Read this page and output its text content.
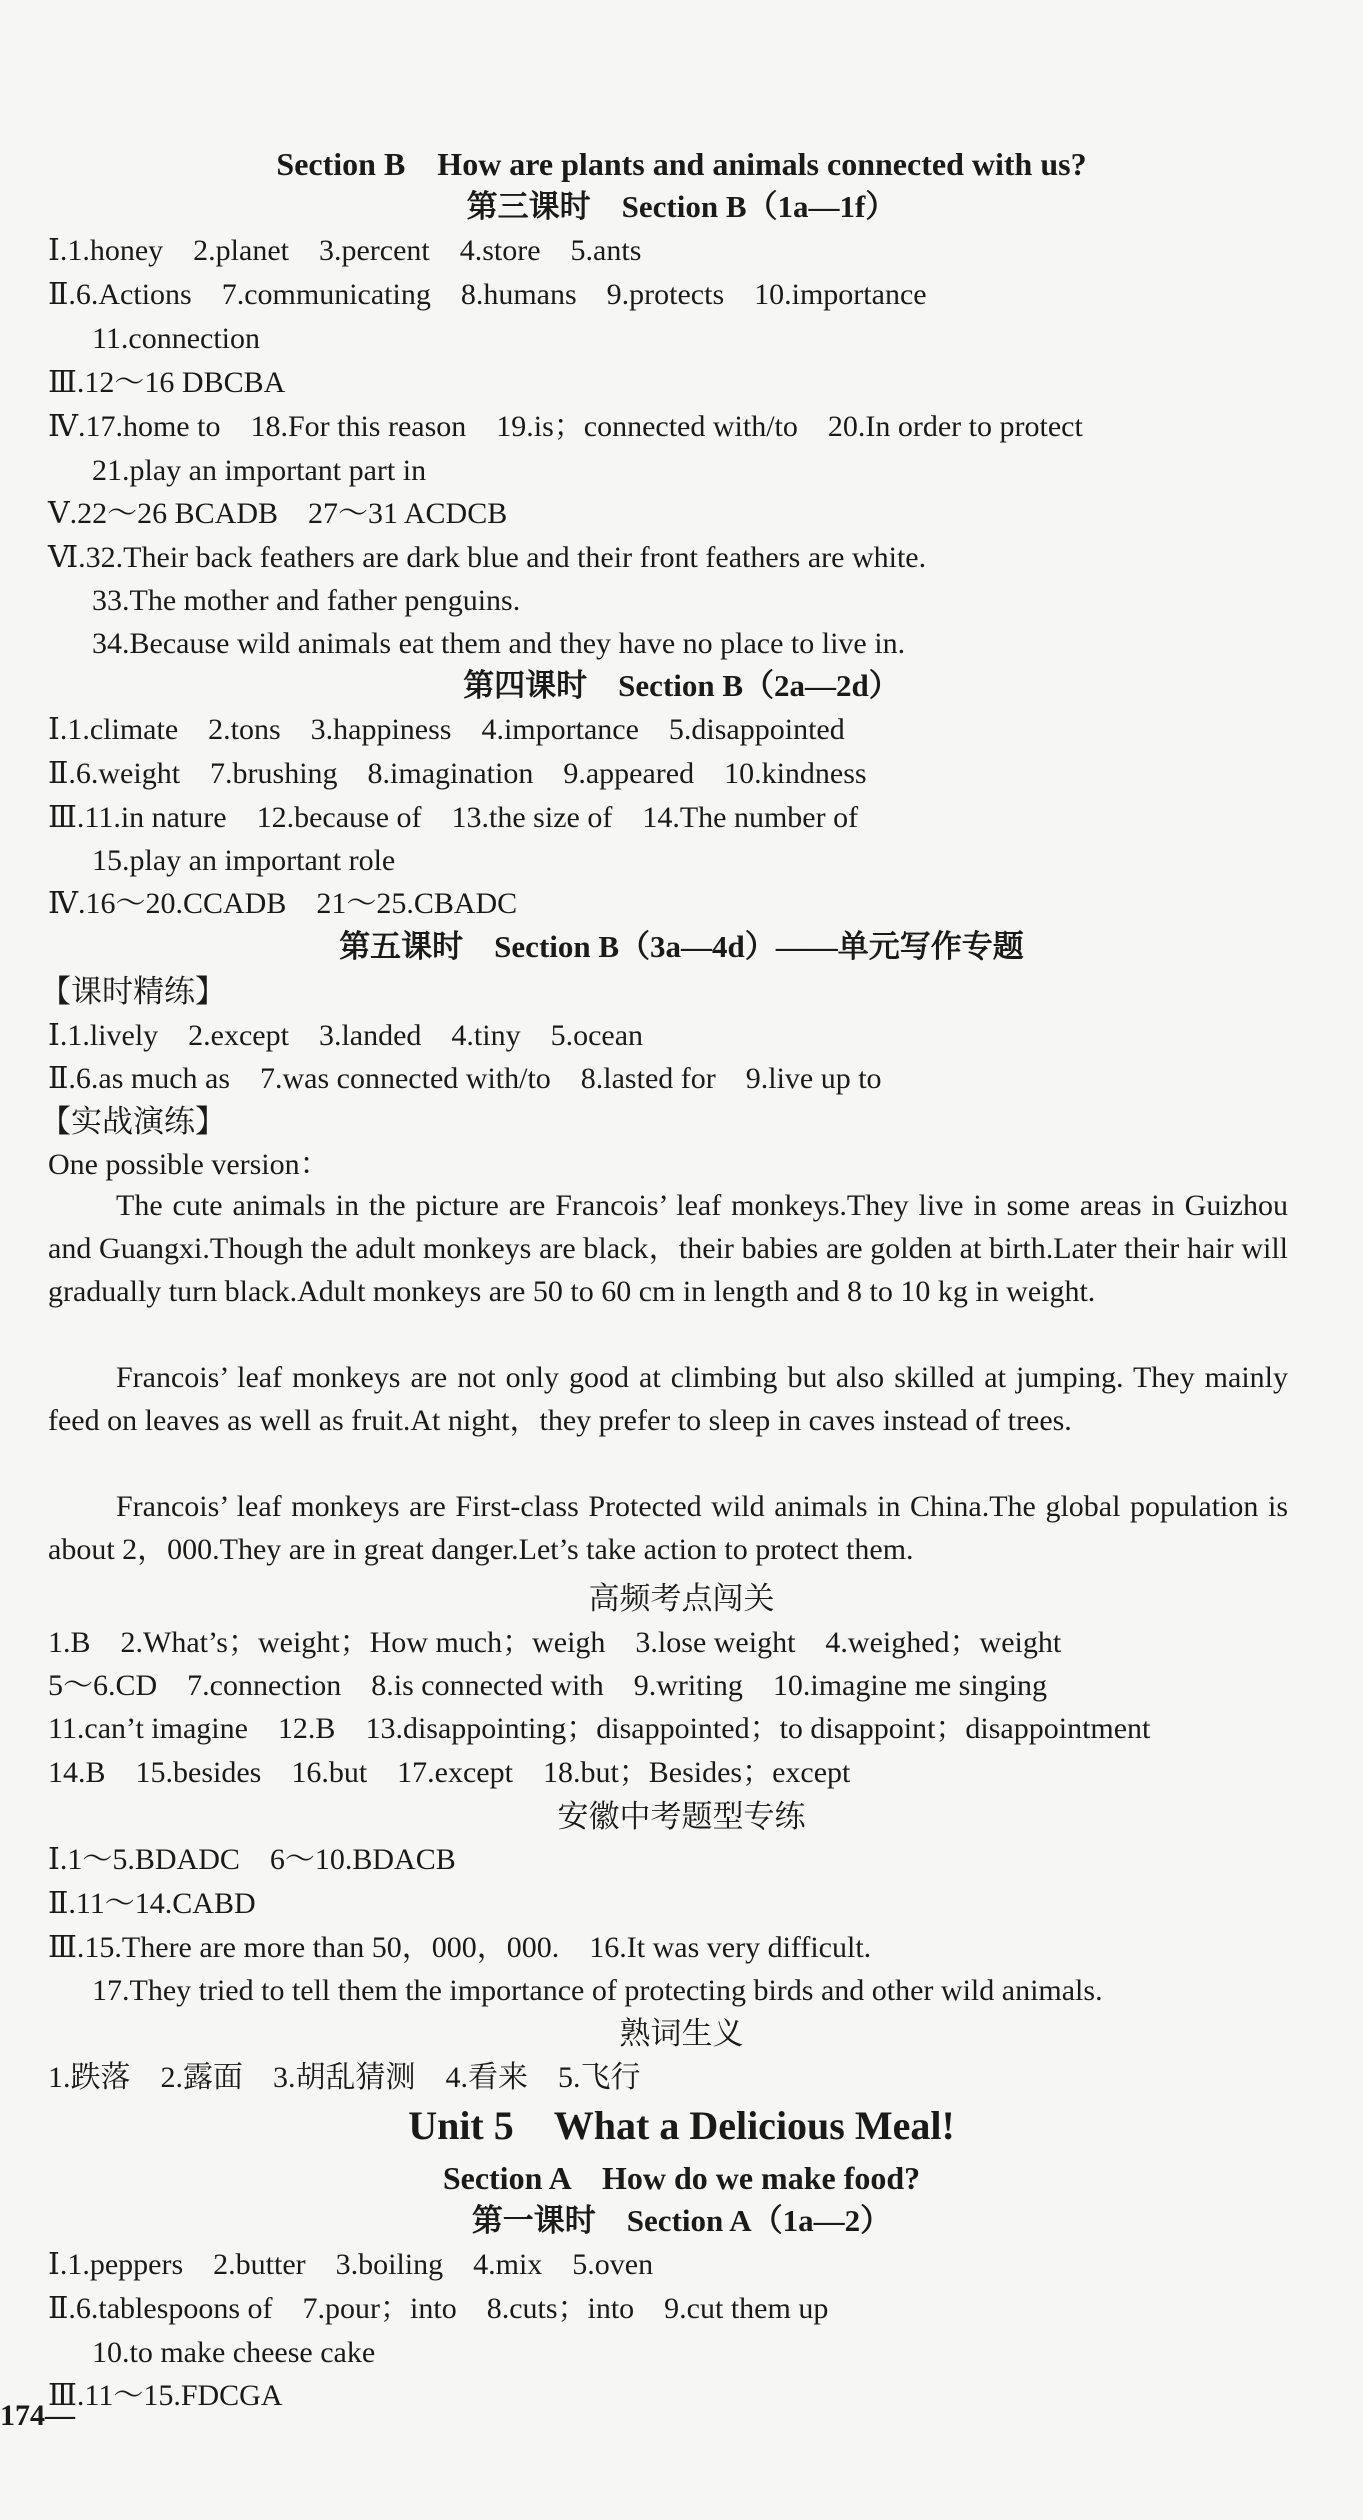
Section B　How are plants and animals connected with us?
第三课时　Section B（1a—1f）
Ⅰ.1.honey　2.planet　3.percent　4.store　5.ants
Ⅱ.6.Actions　7.communicating　8.humans　9.protects　10.importance
11.connection
Ⅲ.12～16 DBCBA
Ⅳ.17.home to　18.For this reason　19.is；connected with/to　20.In order to protect
21.play an important part in
Ⅴ.22～26 BCADB　27～31 ACDCB
Ⅵ.32.Their back feathers are dark blue and their front feathers are white.
33.The mother and father penguins.
34.Because wild animals eat them and they have no place to live in.
第四课时　Section B（2a—2d）
Ⅰ.1.climate　2.tons　3.happiness　4.importance　5.disappointed
Ⅱ.6.weight　7.brushing　8.imagination　9.appeared　10.kindness
Ⅲ.11.in nature　12.because of　13.the size of　14.The number of
15.play an important role
Ⅳ.16～20.CCADB　21～25.CBADC
第五课时　Section B（3a—4d）——单元写作专题
【课时精练】
Ⅰ.1.lively　2.except　3.landed　4.tiny　5.ocean
Ⅱ.6.as much as　7.was connected with/to　8.lasted for　9.live up to
【实战演练】
One possible version：
The cute animals in the picture are Francois’ leaf monkeys.They live in some areas in Guizhou and Guangxi.Though the adult monkeys are black，their babies are golden at birth.Later their hair will gradually turn black.Adult monkeys are 50 to 60 cm in length and 8 to 10 kg in weight.
Francois’ leaf monkeys are not only good at climbing but also skilled at jumping. They mainly feed on leaves as well as fruit.At night，they prefer to sleep in caves instead of trees.
Francois’ leaf monkeys are First-class Protected wild animals in China.The global population is about 2，000.They are in great danger.Let’s take action to protect them.
高频考点闯关
1.B　2.What’s；weight；How much；weigh　3.lose weight　4.weighed；weight
5～6.CD　7.connection　8.is connected with　9.writing　10.imagine me singing
11.can’t imagine　12.B　13.disappointing；disappointed；to disappoint；disappointment
14.B　15.besides　16.but　17.except　18.but；Besides；except
安徽中考题型专练
Ⅰ.1～5.BDADC　6～10.BDACB
Ⅱ.11～14.CABD
Ⅲ.15.There are more than 50，000，000.　16.It was very difficult.
17.They tried to tell them the importance of protecting birds and other wild animals.
熟词生义
1.跌落　2.露面　3.胡乱猜测　4.看来　5.飞行
Unit 5　What a Delicious Meal!
Section A　How do we make food?
第一课时　Section A（1a—2）
Ⅰ.1.peppers　2.butter　3.boiling　4.mix　5.oven
Ⅱ.6.tablespoons of　7.pour；into　8.cuts；into　9.cut them up
10.to make cheese cake
Ⅲ.11～15.FDCGA
174—
